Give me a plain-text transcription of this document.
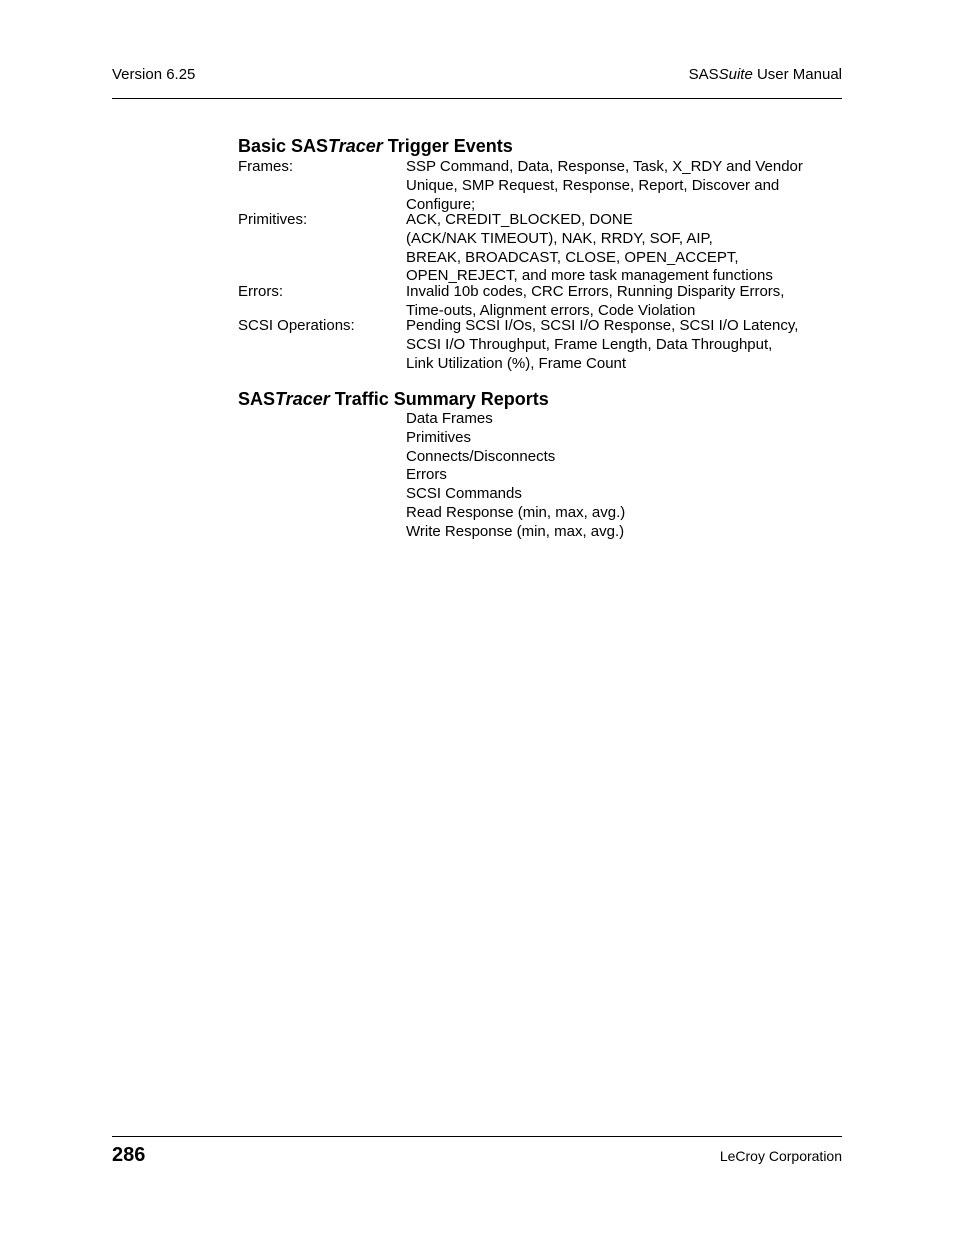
Version 6.25	SASSuite User Manual
Basic SASTracer Trigger Events
Frames:	SSP Command, Data, Response, Task, X_RDY and Vendor
Unique, SMP Request, Response, Report, Discover and
Configure;
Primitives:	ACK, CREDIT_BLOCKED, DONE
(ACK/NAK TIMEOUT), NAK, RRDY, SOF, AIP,
BREAK, BROADCAST, CLOSE, OPEN_ACCEPT,
OPEN_REJECT, and more task management functions
Errors:	Invalid 10b codes, CRC Errors, Running Disparity Errors,
Time-outs, Alignment errors, Code Violation
SCSI Operations:	Pending SCSI I/Os, SCSI I/O Response, SCSI I/O Latency,
SCSI I/O Throughput, Frame Length, Data Throughput,
Link Utilization (%), Frame Count
SASTracer Traffic Summary Reports
Data Frames
Primitives
Connects/Disconnects
Errors
SCSI Commands
Read Response (min, max, avg.)
Write Response (min, max, avg.)
286	LeCroy Corporation
